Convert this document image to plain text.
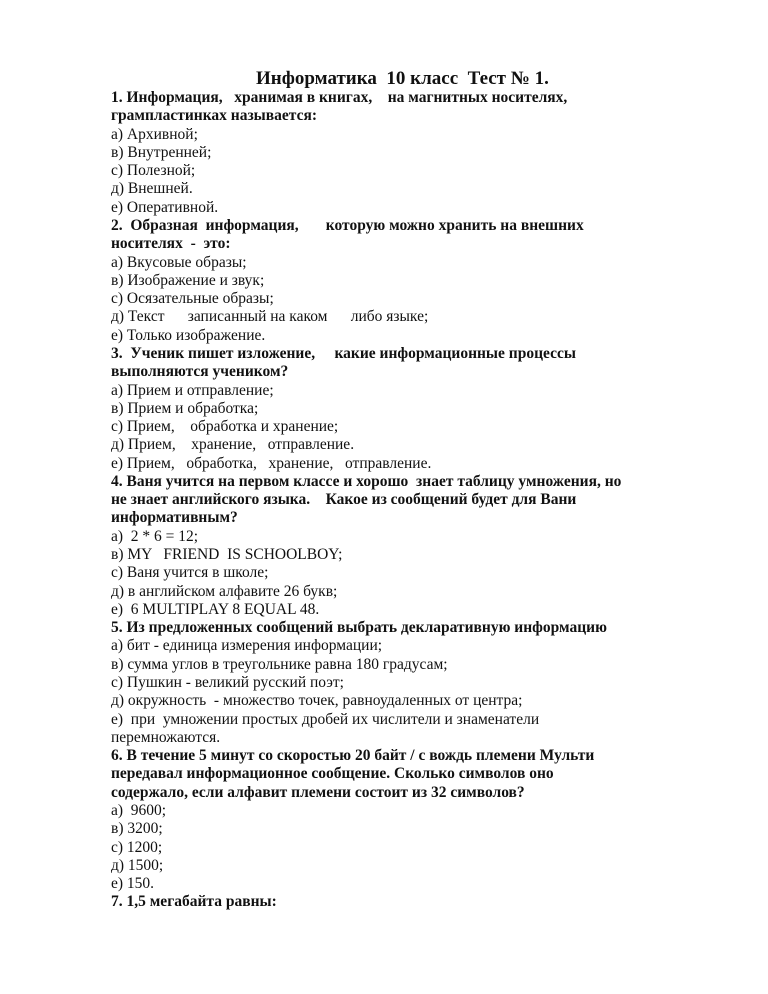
Информатика  10 класс  Тест № 1.
1. Информация,   хранимая в книгах,    на магнитных носителях,
грампластинках называется:
а) Архивной;
в) Внутренней;
с) Полезной;
д) Внешней.
е) Оперативной.
2.  Образная  информация,       которую можно хранить на внешних
носителях  -  это:
а) Вкусовые образы;
в) Изображение и звук;
с) Осязательные образы;
д) Текст      записанный на каком      либо языке;
е) Только изображение.
3.  Ученик пишет изложение,     какие информационные процессы
выполняются учеником?
а) Прием и отправление;
в) Прием и обработка;
с) Прием,    обработка и хранение;
д) Прием,    хранение,   отправление.
е) Прием,   обработка,   хранение,   отправление.
4. Ваня учится на первом классе и хорошо  знает таблицу умножения, но
не знает английского языка.    Какое из сообщений будет для Вани
информативным?
а)  2 * 6 = 12;
в) MY   FRIEND  IS SCHOOLBOY;
с) Ваня учится в школе;
д) в английском алфавите 26 букв;
е)  6 MULTIPLAY 8 EQUAL 48.
5. Из предложенных сообщений выбрать декларативную информацию
а) бит - единица измерения информации;
в) сумма углов в треугольнике равна 180 градусам;
с) Пушкин - великий русский поэт;
д) окружность  - множество точек, равноудаленных от центра;
е)  при  умножении простых дробей их числители и знаменатели
перемножаются.
6. В течение 5 минут со скоростью 20 байт / с вождь племени Мульти
передавал информационное сообщение. Сколько символов оно
содержало, если алфавит племени состоит из 32 символов?
а)  9600;
в) 3200;
с) 1200;
д) 1500;
е) 150.
7. 1,5 мегабайта равны:
